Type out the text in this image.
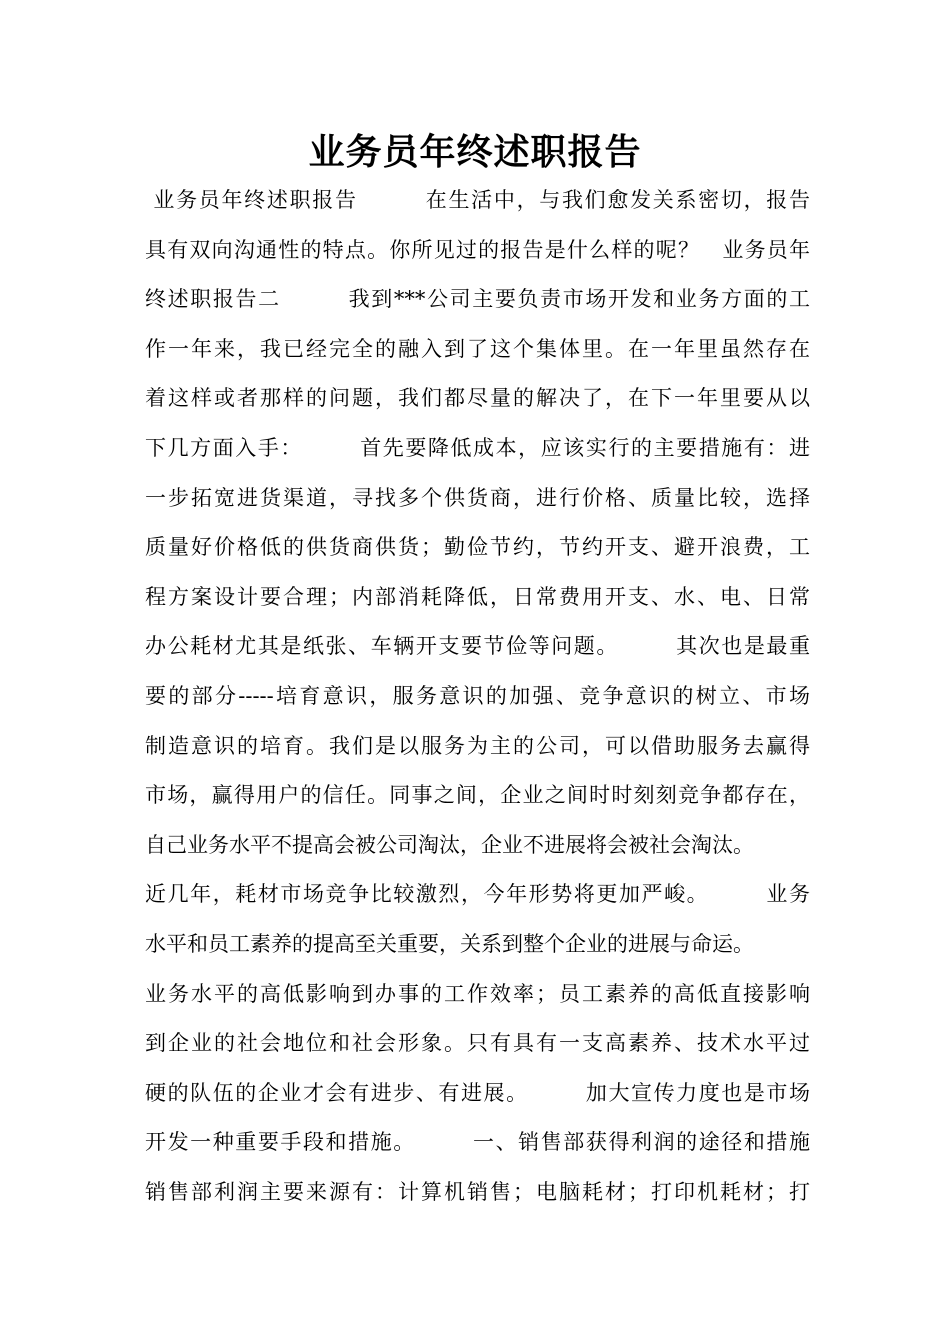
业务员年终述职报告
业务员年终述职报告　　　在生活中，与我们愈发关系密切，报告
具有双向沟通性的特点。你所见过的报告是什么样的呢？　业务员年
终述职报告二　　　我到***公司主要负责市场开发和业务方面的工
作一年来，我已经完全的融入到了这个集体里。在一年里虽然存在
着这样或者那样的问题，我们都尽量的解决了，在下一年里要从以
下几方面入手：　　　首先要降低成本，应该实行的主要措施有：进
一步拓宽进货渠道，寻找多个供货商，进行价格、质量比较，选择
质量好价格低的供货商供货；勤俭节约，节约开支、避开浪费，工
程方案设计要合理；内部消耗降低，日常费用开支、水、电、日常
办公耗材尤其是纸张、车辆开支要节俭等问题。　　　其次也是最重
要的部分-----培育意识，服务意识的加强、竞争意识的树立、市场
制造意识的培育。我们是以服务为主的公司，可以借助服务去赢得
市场，赢得用户的信任。同事之间，企业之间时时刻刻竞争都存在，
自己业务水平不提高会被公司淘汰，企业不进展将会被社会淘汰。
近几年，耗材市场竞争比较激烈，今年形势将更加严峻。　　　业务
水平和员工素养的提高至关重要，关系到整个企业的进展与命运。
业务水平的高低影响到办事的工作效率；员工素养的高低直接影响
到企业的社会地位和社会形象。只有具有一支高素养、技术水平过
硬的队伍的企业才会有进步、有进展。　　　加大宣传力度也是市场
开发一种重要手段和措施。　　　一、销售部获得利润的途径和措施
销售部利润主要来源有：计算机销售；电脑耗材；打印机耗材；打
